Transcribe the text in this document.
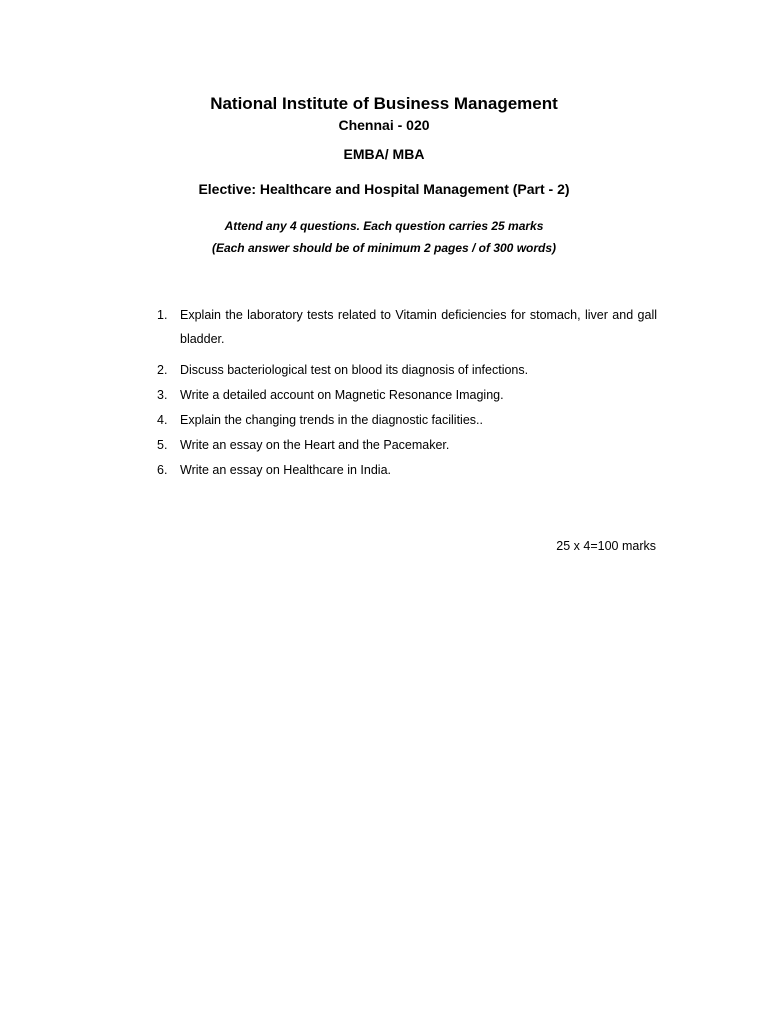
National Institute of Business Management
Chennai - 020
EMBA/ MBA
Elective: Healthcare and Hospital Management (Part - 2)
Attend any 4 questions. Each question carries 25 marks
(Each answer should be of minimum 2 pages / of 300 words)
1.	Explain the laboratory tests related to Vitamin deficiencies for stomach, liver and gall bladder.
2.	Discuss bacteriological test on blood its diagnosis of infections.
3.	Write a detailed account on Magnetic Resonance Imaging.
4.	Explain the changing trends in the diagnostic facilities..
5.	Write an essay on the Heart and the Pacemaker.
6.	Write an essay on Healthcare in India.
25 x 4=100 marks
